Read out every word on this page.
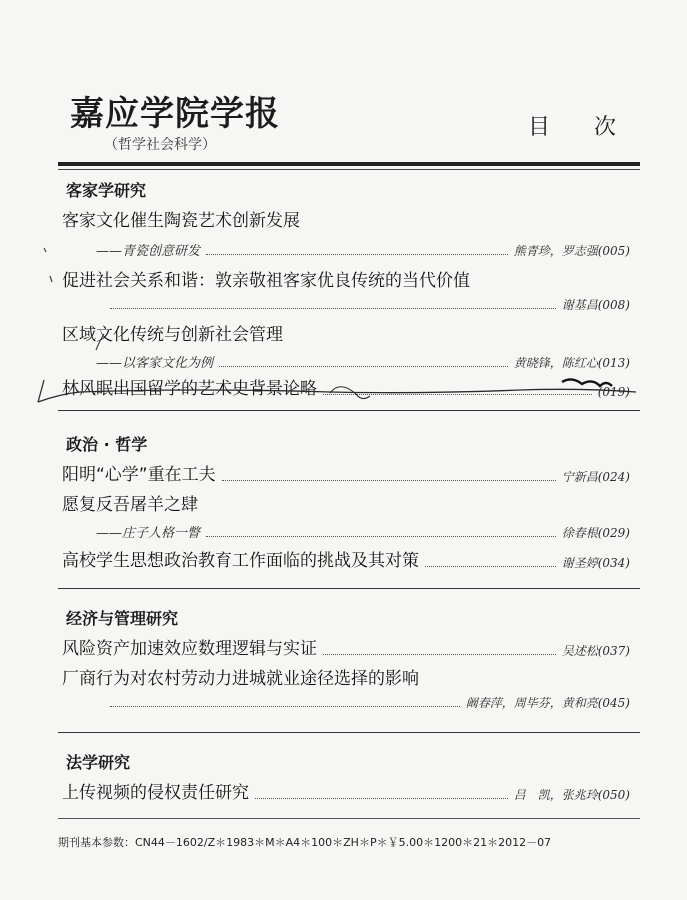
嘉应学院学报
（哲学社会科学）
目 次
客家学研究
客家文化催生陶瓷艺术创新发展
——青瓷创意研发	熊青珍，罗志强(005)
促进社会关系和谐：敦亲敬祖客家优良传统的当代价值
谢基昌(008)
区域文化传统与创新社会管理
——以客家文化为例	黄晓锋，陈红心(013)
林风眠出国留学的艺术史背景论略	(019)
政治 · 哲学
阳明“心学”重在工夫	宁新昌(024)
愿复反吾屠羊之肆
——庄子人格一瞥	徐春根(029)
高校学生思想政治教育工作面临的挑战及其对策	谢圣婷(034)
经济与管理研究
风险资产加速效应数理逻辑与实证	吴述松(037)
厂商行为对农村劳动力进城就业途径选择的影响
阚春萍，周毕芬，黄和亮(045)
法学研究
上传视频的侵权责任研究	吕　凯，张兆玲(050)
期刊基本参数：CN44－1602/Z＊1983＊M＊A4＊100＊ZH＊P＊￥5.00＊1200＊21＊2012－07
